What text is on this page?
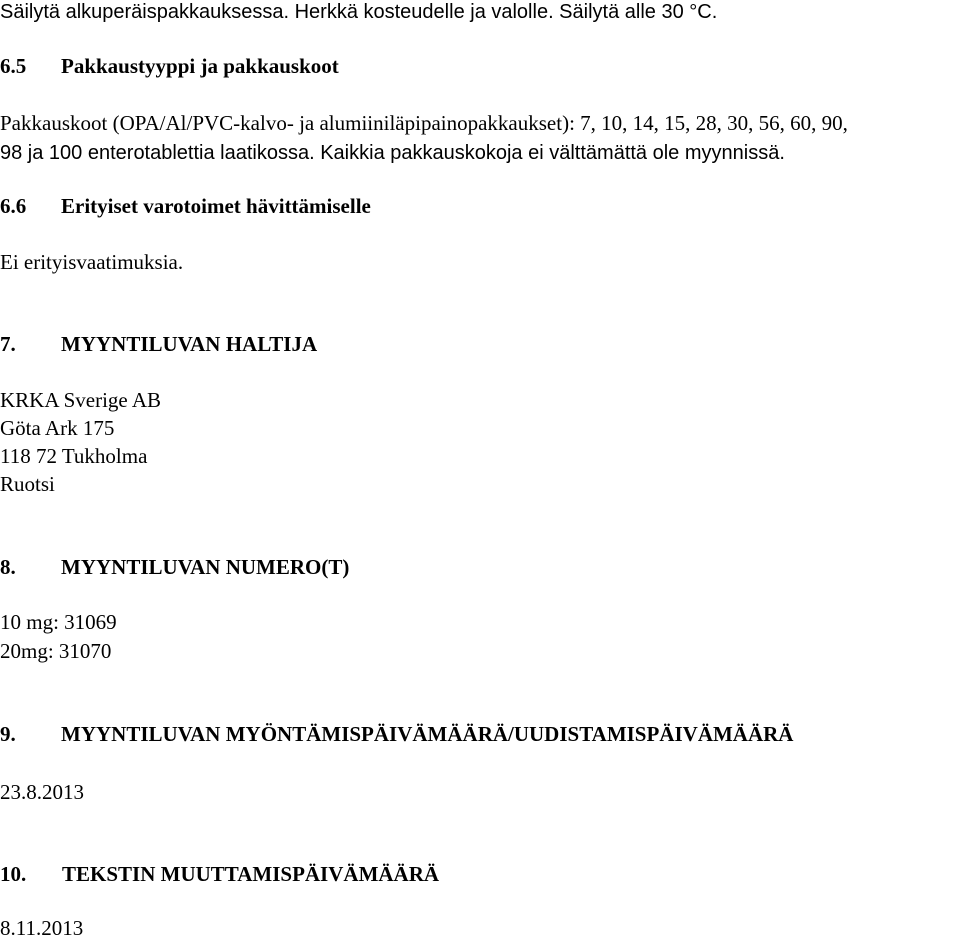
Säilytä alkuperäispakkauksessa. Herkkä kosteudelle ja valolle. Säilytä alle 30 °C.
6.5 Pakkaustyyppi ja pakkauskoot
Pakkauskoot (OPA/Al/PVC-kalvo- ja alumiiniläpipainopakkaukset): 7, 10, 14, 15, 28, 30, 56, 60, 90,
98 ja 100 enterotablettia laatikossa. Kaikkia pakkauskokoja ei välttämättä ole myynnissä.
6.6 Erityiset varotoimet hävittämiselle
Ei erityisvaatimuksia.
7. MYYNTILUVAN HALTIJA
KRKA Sverige AB
Göta Ark 175
118 72 Tukholma
Ruotsi
8. MYYNTILUVAN NUMERO(T)
10 mg: 31069
20mg: 31070
9. MYYNTILUVAN MYÖNTÄMISPÄIVÄMÄÄRÄ/UUDISTAMISPÄIVÄMÄÄRÄ
23.8.2013
10. TEKSTIN MUUTTAMISPÄIVÄMÄÄRÄ
8.11.2013
